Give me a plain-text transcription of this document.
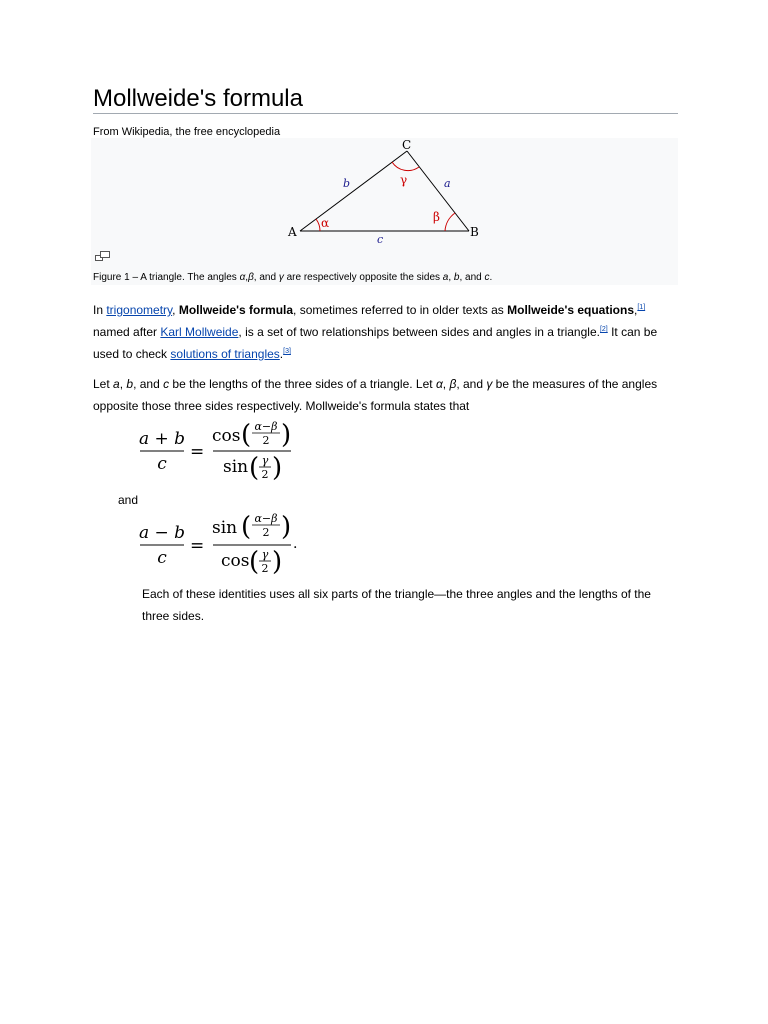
Mollweide's formula
From Wikipedia, the free encyclopedia
A	B
C
a
b
c
α	β
γ
Figure 1 – A triangle. The angles α,β, and γ are respectively opposite the sides a, b, and c.
In trigonometry, Mollweide's formula, sometimes referred to in older texts as Mollweide's equations,[1] named after Karl Mollweide, is a set of two relationships between sides and angles in a triangle.[2] It can be used to check solutions of triangles.[3]
Let a, b, and c be the lengths of the three sides of a triangle. Let α, β, and γ be the measures of the angles opposite those three sides respectively. Mollweide's formula states that
a + b
c
=
cos ( α−β
2 )
sin ( γ
2 )
and
a − b
c
=
sin ( α−β
2 )
cos ( γ
2 )
.
Each of these identities uses all six parts of the triangle—the three angles and the lengths of the three sides.
